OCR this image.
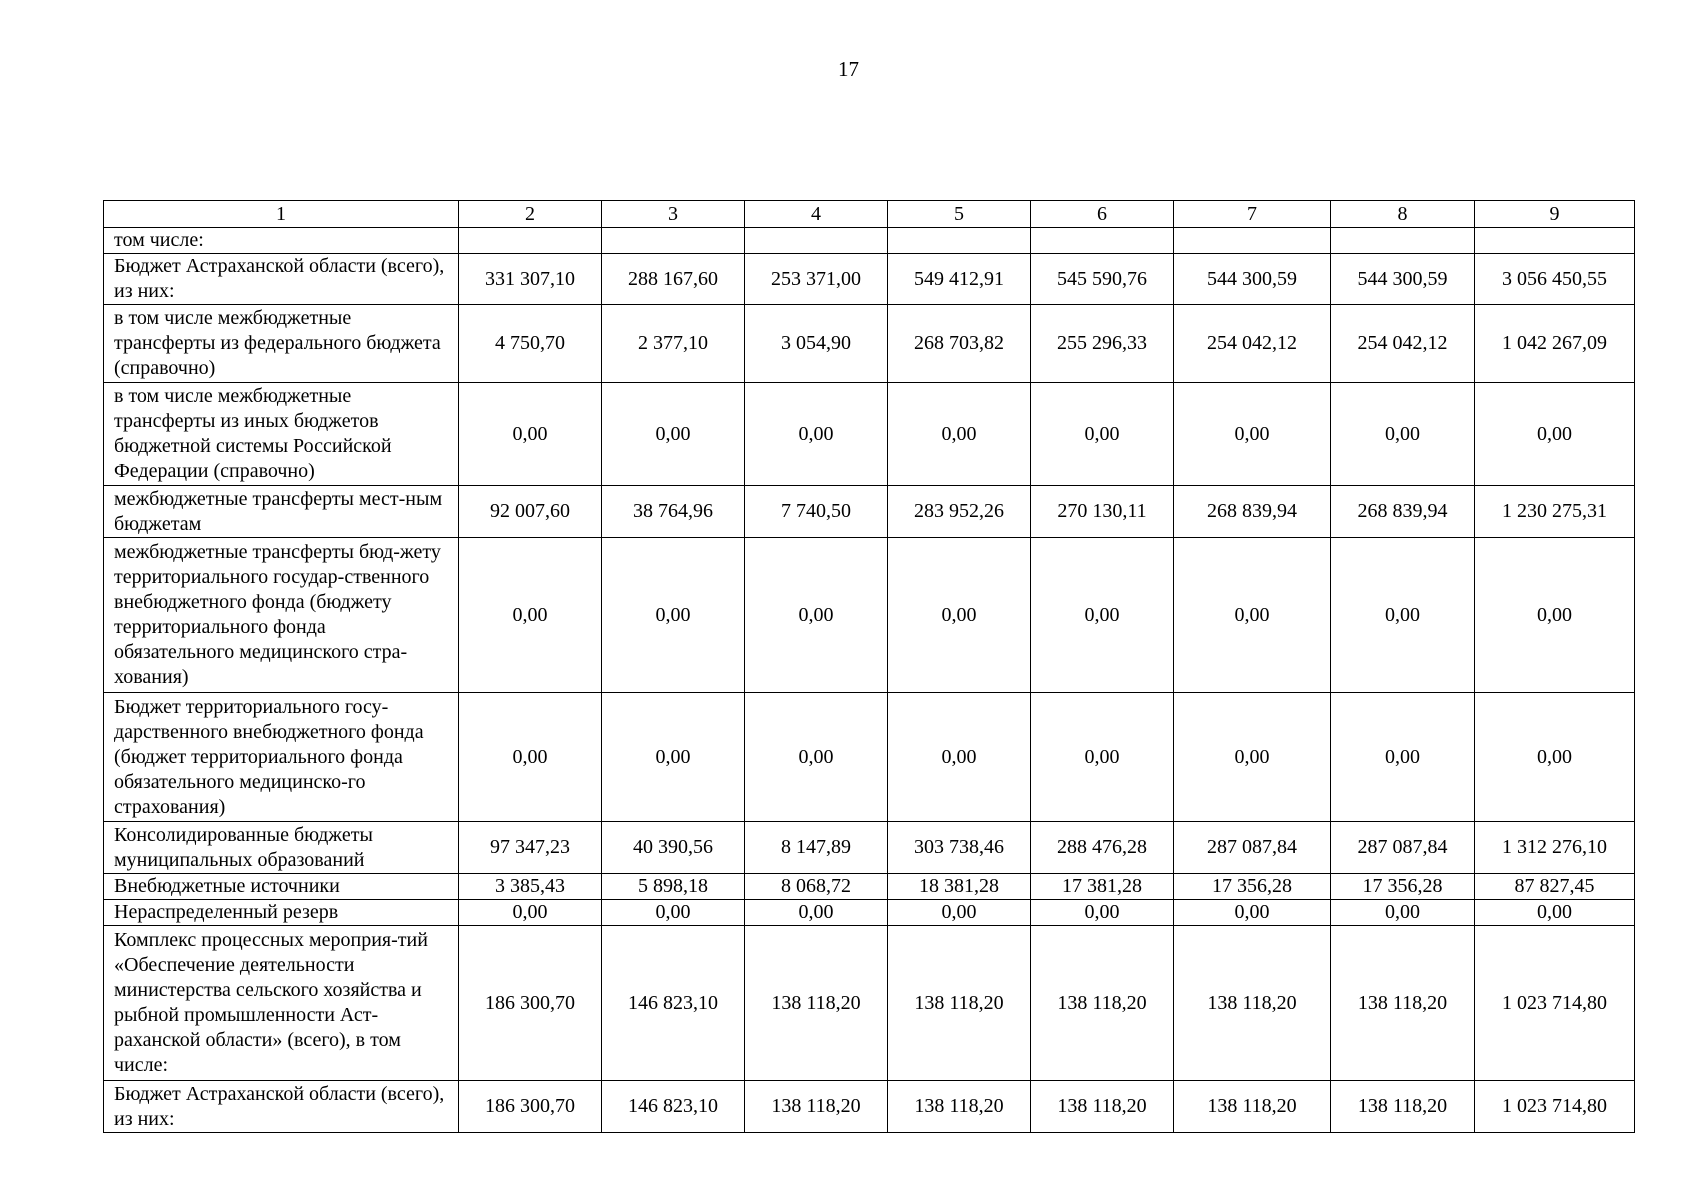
17
1	2	3	4	5	6	7	8	9
том числе:								
Бюджет Астраханской области (всего), из них:	331 307,10	288 167,60	253 371,00	549 412,91	545 590,76	544 300,59	544 300,59	3 056 450,55
в том числе межбюджетные трансферты из федерального бюджета (справочно)	4 750,70	2 377,10	3 054,90	268 703,82	255 296,33	254 042,12	254 042,12	1 042 267,09
в том числе межбюджетные трансферты из иных бюджетов бюджетной системы Российской Федерации (справочно)	0,00	0,00	0,00	0,00	0,00	0,00	0,00	0,00
межбюджетные трансферты мест-ным бюджетам	92 007,60	38 764,96	7 740,50	283 952,26	270 130,11	268 839,94	268 839,94	1 230 275,31
межбюджетные трансферты бюд-жету территориального государ-ственного внебюджетного фонда (бюджету территориального фонда обязательного медицинского стра-хования)	0,00	0,00	0,00	0,00	0,00	0,00	0,00	0,00
Бюджет территориального госу-дарственного внебюджетного фонда (бюджет территориального фонда обязательного медицинско-го страхования)	0,00	0,00	0,00	0,00	0,00	0,00	0,00	0,00
Консолидированные бюджеты муниципальных образований	97 347,23	40 390,56	8 147,89	303 738,46	288 476,28	287 087,84	287 087,84	1 312 276,10
Внебюджетные источники	3 385,43	5 898,18	8 068,72	18 381,28	17 381,28	17 356,28	17 356,28	87 827,45
Нераспределенный резерв	0,00	0,00	0,00	0,00	0,00	0,00	0,00	0,00
Комплекс процессных мероприя-тий «Обеспечение деятельности министерства сельского хозяйства и рыбной промышленности Аст-раханской области» (всего), в том числе:	186 300,70	146 823,10	138 118,20	138 118,20	138 118,20	138 118,20	138 118,20	1 023 714,80
Бюджет Астраханской области (всего), из них:	186 300,70	146 823,10	138 118,20	138 118,20	138 118,20	138 118,20	138 118,20	1 023 714,80
